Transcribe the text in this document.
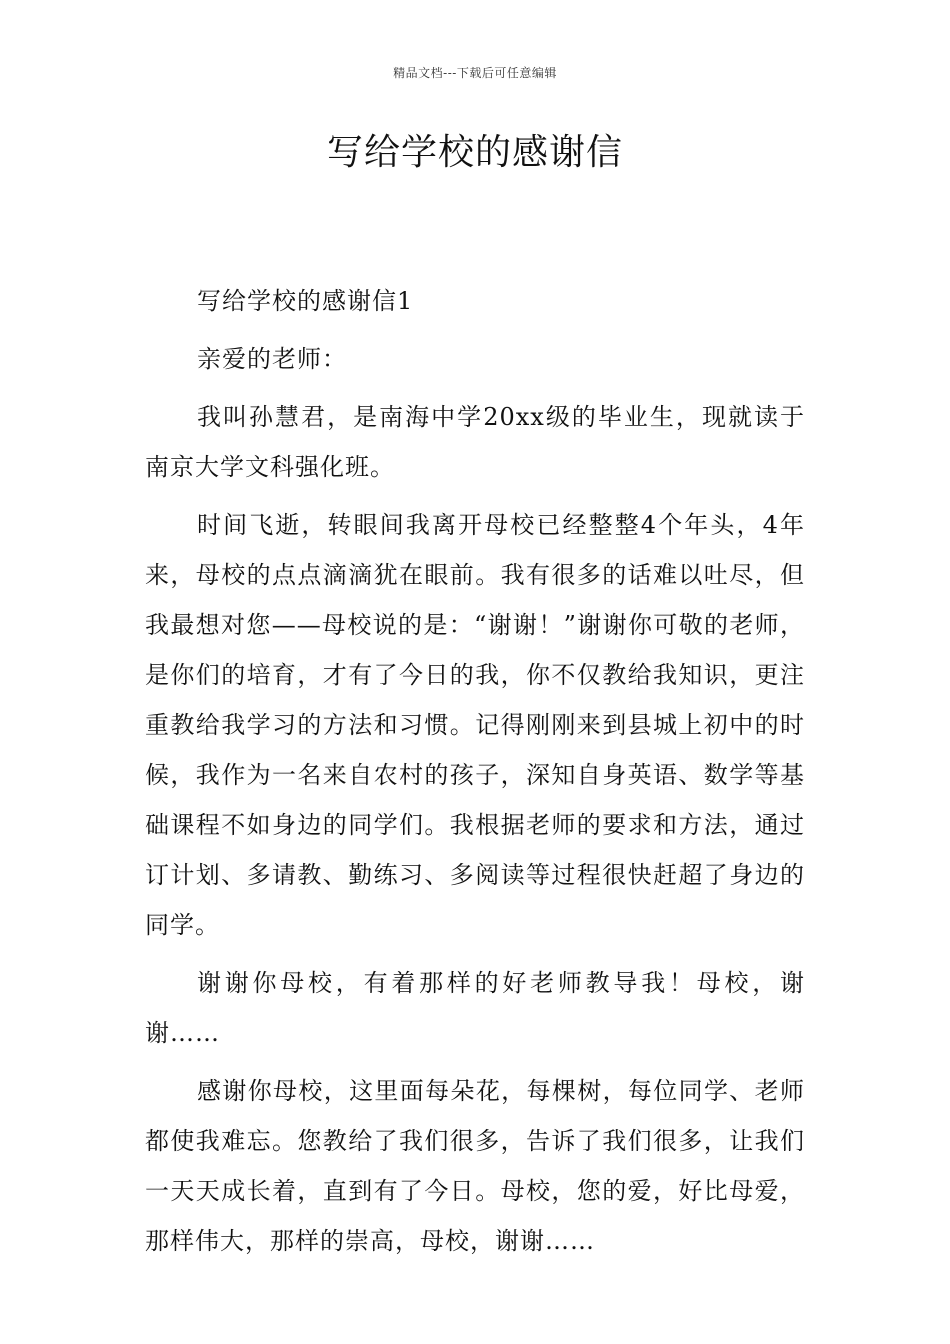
精品文档---下载后可任意编辑
写给学校的感谢信

写给学校的感谢信1

亲爱的老师：

我叫孙慧君，是南海中学20xx级的毕业生，现就读于南京大学文科强化班。

时间飞逝，转眼间我离开母校已经整整4个年头，4年来，母校的点点滴滴犹在眼前。我有很多的话难以吐尽，但我最想对您——母校说的是：“谢谢！”谢谢你可敬的老师，是你们的培育，才有了今日的我，你不仅教给我知识，更注重教给我学习的方法和习惯。记得刚刚来到县城上初中的时候，我作为一名来自农村的孩子，深知自身英语、数学等基础课程不如身边的同学们。我根据老师的要求和方法，通过订计划、多请教、勤练习、多阅读等过程很快赶超了身边的同学。

谢谢你母校，有着那样的好老师教导我！母校，谢谢……

感谢你母校，这里面每朵花，每棵树，每位同学、老师都使我难忘。您教给了我们很多，告诉了我们很多，让我们一天天成长着，直到有了今日。母校，您的爱，好比母爱，那样伟大，那样的崇高，母校，谢谢……
